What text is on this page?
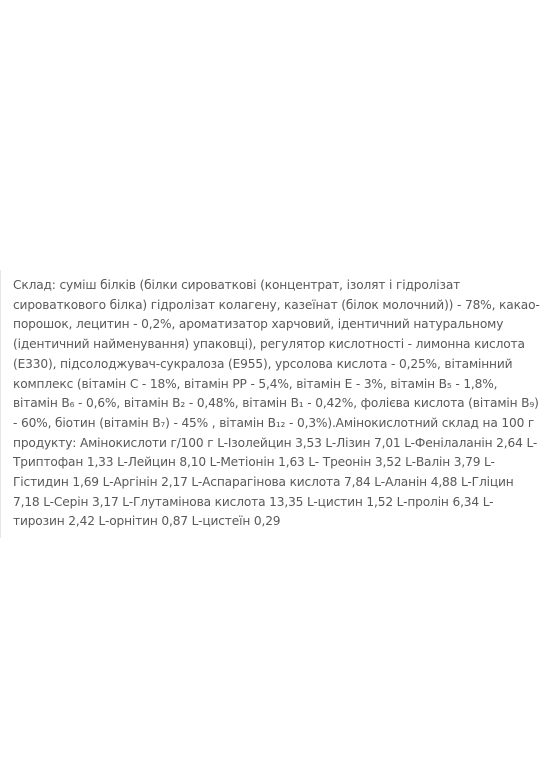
Склад: суміш білків (білки сироваткові (концентрат, ізолят і гідролізат сироваткового білка) гідролізат колагену, казеїнат (білок молочний)) - 78%, какао-порошок, лецитин - 0,2%, ароматизатор харчовий, ідентичний натуральному (ідентичний найменування) упаковці), регулятор кислотності - лимонна кислота (Е330), підсолоджувач-сукралоза (Е955), урсолова кислота - 0,25%, вітамінний комплекс (вітамін С - 18%, вітамін РР - 5,4%, вітамін Е - 3%, вітамін В₅ - 1,8%, вітамін В₆ - 0,6%, вітамін В₂ - 0,48%, вітамін В₁ - 0,42%, фолієва кислота (вітамін В₉) - 60%, біотин (вітамін В₇) - 45% , вітамін В₁₂ - 0,3%).Амінокислотний склад на 100 г продукту: Амінокислоти г/100 г L-Ізолейцин 3,53 L-Лізин 7,01 L-Фенілаланін 2,64 L-Триптофан 1,33 L-Лейцин 8,10 L-Метіонін 1,63 L- Треонін 3,52 L-Валін 3,79 L-Гістидин 1,69 L-Аргінін 2,17 L-Аспарагінова кислота 7,84 L-Аланін 4,88 L-Гліцин 7,18 L-Серін 3,17 L-Глутамінова кислота 13,35 L-цистин 1,52 L-пролін 6,34 L-тирозин 2,42 L-орнітин 0,87 L-цистеїн 0,29
